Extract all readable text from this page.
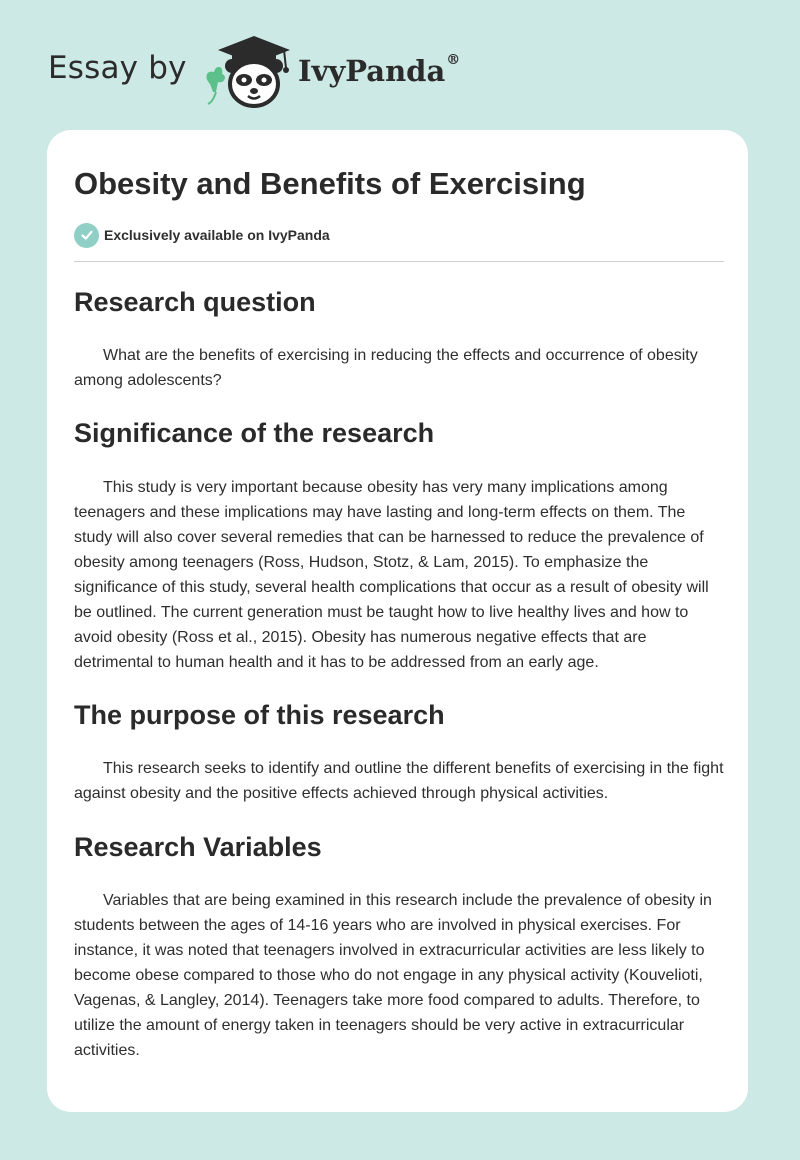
Essay by	IvyPanda®
Obesity and Benefits of Exercising
Exclusively available on IvyPanda
Research question

What are the benefits of exercising in reducing the effects and occurrence of obesity among adolescents?

Significance of the research

This study is very important because obesity has very many implications among teenagers and these implications may have lasting and long-term effects on them. The study will also cover several remedies that can be harnessed to reduce the prevalence of obesity among teenagers (Ross, Hudson, Stotz, & Lam, 2015). To emphasize the significance of this study, several health complications that occur as a result of obesity will be outlined. The current generation must be taught how to live healthy lives and how to avoid obesity (Ross et al., 2015). Obesity has numerous negative effects that are detrimental to human health and it has to be addressed from an early age.

The purpose of this research

This research seeks to identify and outline the different benefits of exercising in the fight against obesity and the positive effects achieved through physical activities.

Research Variables

Variables that are being examined in this research include the prevalence of obesity in students between the ages of 14-16 years who are involved in physical exercises. For instance, it was noted that teenagers involved in extracurricular activities are less likely to become obese compared to those who do not engage in any physical activity (Kouvelioti, Vagenas, & Langley, 2014). Teenagers take more food compared to adults. Therefore, to utilize the amount of energy taken in teenagers should be very active in extracurricular activities.
